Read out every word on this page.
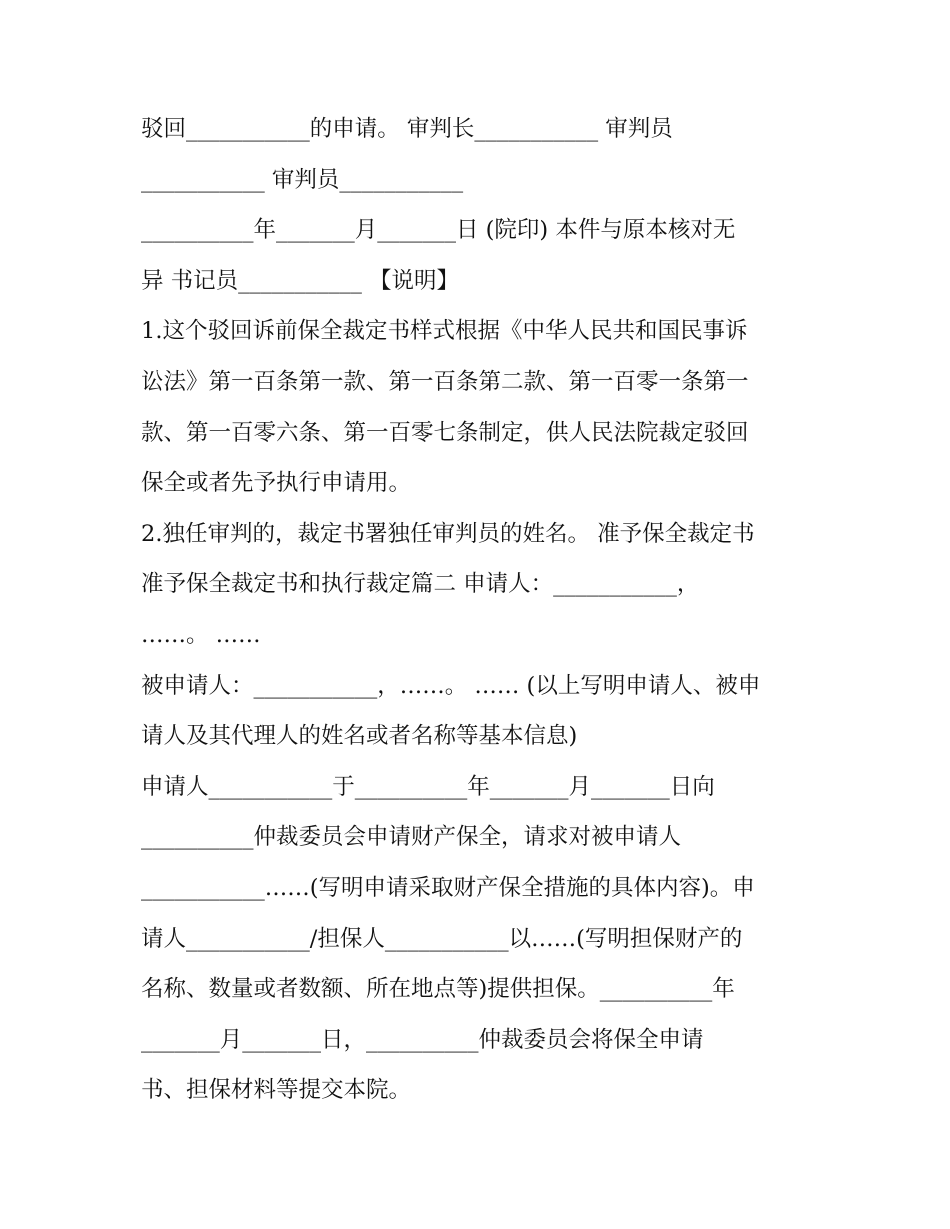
驳回___________的申请。 审判长___________ 审判员
___________ 审判员___________
__________年_______月_______日 (院印) 本件与原本核对无
异 书记员___________ 【说明】
1.这个驳回诉前保全裁定书样式根据《中华人民共和国民事诉
讼法》第一百条第一款、第一百条第二款、第一百零一条第一
款、第一百零六条、第一百零七条制定，供人民法院裁定驳回
保全或者先予执行申请用。
2.独任审判的，裁定书署独任审判员的姓名。 准予保全裁定书
准予保全裁定书和执行裁定篇二 申请人：___________，
……。 ……
被申请人：___________，……。 …… (以上写明申请人、被申
请人及其代理人的姓名或者名称等基本信息)
申请人___________于__________年_______月_______日向
__________仲裁委员会申请财产保全，请求对被申请人
___________……(写明申请采取财产保全措施的具体内容)。申
请人___________/担保人___________以……(写明担保财产的
名称、数量或者数额、所在地点等)提供担保。__________年
_______月_______日，__________仲裁委员会将保全申请
书、担保材料等提交本院。
